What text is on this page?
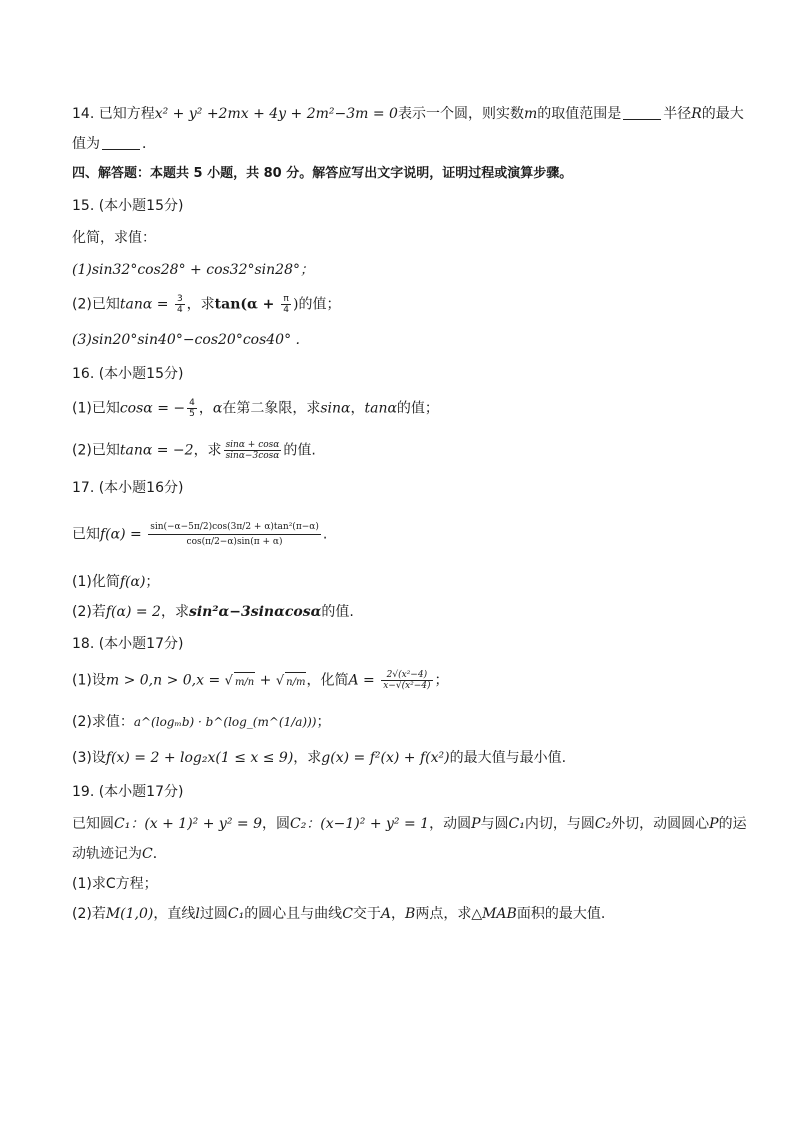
14. 已知方程x² + y² +2mx + 4y + 2m²−3m = 0表示一个圆，则实数m的取值范围是	半径R的最大
值为	．
四、解答题：本题共 5 小题，共 80 分。解答应写出文字说明，证明过程或演算步骤。
15. (本小题15分)
化简，求值：
(1)sin32°cos28° + cos32°sin28°；
(2)已知$\tan\alpha = \frac{3}{4}$ ，求$\tan(\alpha + \frac{\pi}{4}$ )的值；
(3)sin20°sin40°−cos20°cos40° .
16. (本小题15分)
(1)已知cosα = − $\frac{4}{5}$ ，α在第二象限，求sinα，tanα的值；
(2)已知tanα = −2，求 $\frac{\sin\alpha + \cos\alpha}{\sin\alpha-3\cos\alpha}$ 的值.
17. (本小题16分)
已知$f(\alpha) = \frac{\text{sin(−α−5π/2)cos(3π/2 + α)tan²(π−α)}}{\cos(\pi/2-\alpha)\sin(\pi + \alpha)}$ .
(1)化简f(α)；
(2)若f(α) = 2，求sin²α−3sinαcosα的值.
18. (本小题17分)
(1)设m > 0,n > 0,x = √ m/n + √ n/m，化简$A = \frac{\text{2√(x²−4)}}{\text{x−√(x²−4)}}$ ；
(2)求值：a^(logₘb) · b^(log_(m^(1/a)))；
(3)设f(x) = 2 + log₂x(1 ≤ x ≤ 9)，求g(x) = f²(x) + f(x²)的最大值与最小值.
19. (本小题17分)
已知圆C₁：(x + 1)² + y² = 9，圆C₂：(x−1)² + y² = 1，动圆P与圆C₁内切，与圆C₂外切，动圆圆心P的运
动轨迹记为C．
(1)求C方程；
(2)若M(1,0)，直线l过圆C₁的圆心且与曲线C交于A，B两点，求△MAB面积的最大值.
